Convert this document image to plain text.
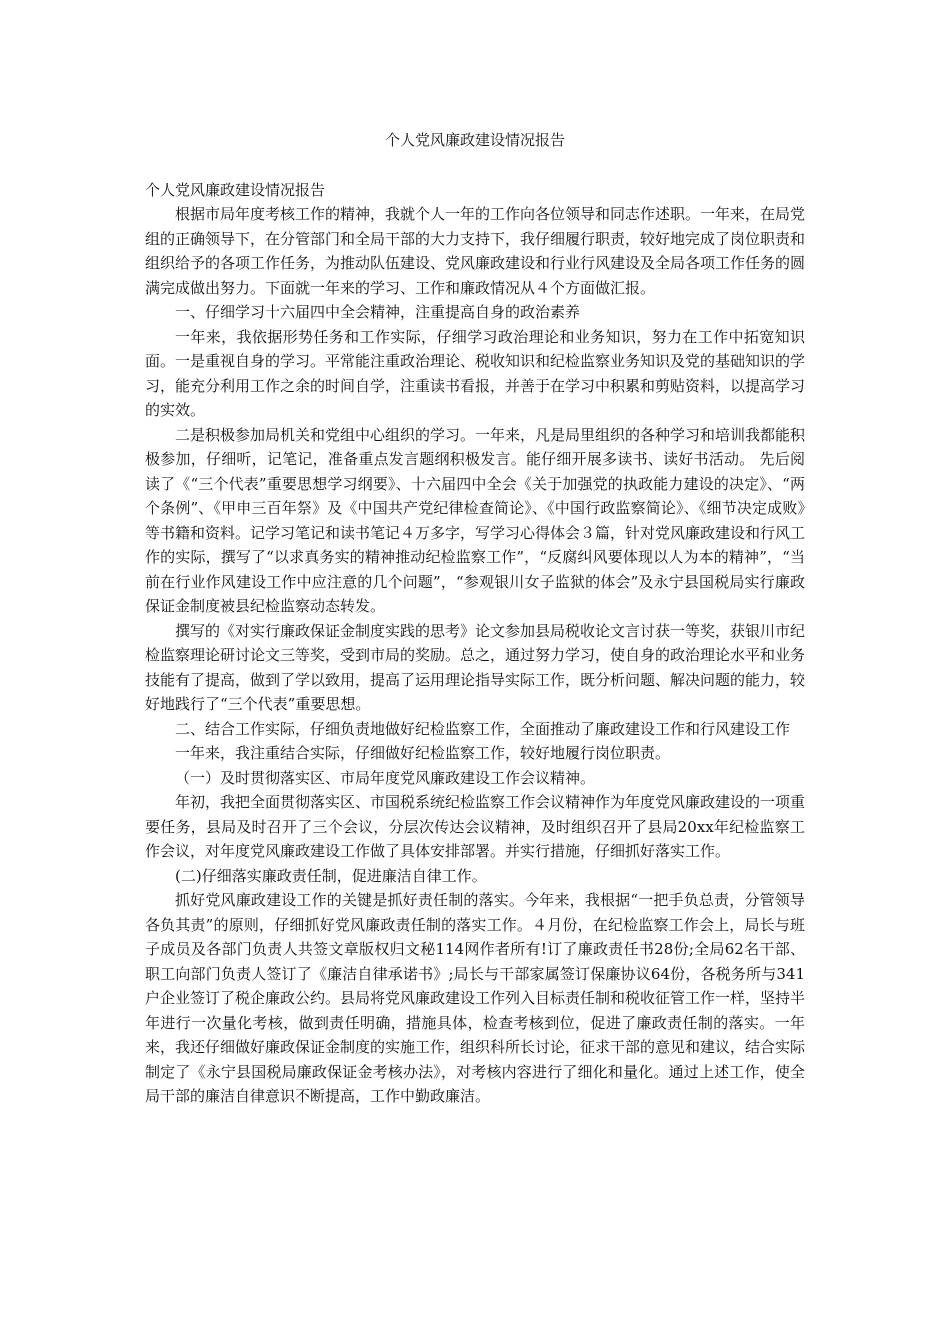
个人党风廉政建设情况报告

个人党风廉政建设情况报告

根据市局年度考核工作的精神，我就个人一年的工作向各位领导和同志作述职。一年来，在局党组的正确领导下，在分管部门和全局干部的大力支持下，我仔细履行职责，较好地完成了岗位职责和组织给予的各项工作任务，为推动队伍建设、党风廉政建设和行业行风建设及全局各项工作任务的圆满完成做出努力。下面就一年来的学习、工作和廉政情况从４个方面做汇报。

一、仔细学习十六届四中全会精神，注重提高自身的政治素养

一年来，我依据形势任务和工作实际，仔细学习政治理论和业务知识，努力在工作中拓宽知识面。一是重视自身的学习。平常能注重政治理论、税收知识和纪检监察业务知识及党的基础知识的学习，能充分利用工作之余的时间自学，注重读书看报，并善于在学习中积累和剪贴资料，以提高学习的实效。

二是积极参加局机关和党组中心组织的学习。一年来，凡是局里组织的各种学习和培训我都能积极参加，仔细听，记笔记，准备重点发言题纲积极发言。能仔细开展多读书、读好书活动。 先后阅读了《“三个代表”重要思想学习纲要》、十六届四中全会《关于加强党的执政能力建设的决定》、“两个条例”、《甲申三百年祭》及《中国共产党纪律检查简论》、《中国行政监察简论》、《细节决定成败》等书籍和资料。记学习笔记和读书笔记４万多字，写学习心得体会３篇，针对党风廉政建设和行风工作的实际，撰写了“以求真务实的精神推动纪检监察工作”，“反腐纠风要体现以人为本的精神”，“当前在行业作风建设工作中应注意的几个问题”，“参观银川女子监狱的体会”及永宁县国税局实行廉政保证金制度被县纪检监察动态转发。

撰写的《对实行廉政保证金制度实践的思考》论文参加县局税收论文言讨获一等奖，获银川市纪检监察理论研讨论文三等奖，受到市局的奖励。总之，通过努力学习，使自身的政治理论水平和业务技能有了提高，做到了学以致用，提高了运用理论指导实际工作，既分析问题、解决问题的能力，较好地践行了“三个代表”重要思想。

二、结合工作实际，仔细负责地做好纪检监察工作，全面推动了廉政建设工作和行风建设工作

一年来，我注重结合实际，仔细做好纪检监察工作，较好地履行岗位职责。

（一）及时贯彻落实区、市局年度党风廉政建设工作会议精神。

年初，我把全面贯彻落实区、市国税系统纪检监察工作会议精神作为年度党风廉政建设的一项重要任务，县局及时召开了三个会议，分层次传达会议精神，及时组织召开了县局20xx年纪检监察工作会议，对年度党风廉政建设工作做了具体安排部署。并实行措施，仔细抓好落实工作。

(二)仔细落实廉政责任制，促进廉洁自律工作。

抓好党风廉政建设工作的关键是抓好责任制的落实。今年来，我根据“一把手负总责，分管领导各负其责”的原则，仔细抓好党风廉政责任制的落实工作。４月份，在纪检监察工作会上，局长与班子成员及各部门负责人共签文章版权归文秘114网作者所有!订了廉政责任书28份;全局62名干部、职工向部门负责人签订了《廉洁自律承诺书》;局长与干部家属签订保廉协议64份，各税务所与341户企业签订了税企廉政公约。县局将党风廉政建设工作列入目标责任制和税收征管工作一样，坚持半年进行一次量化考核，做到责任明确，措施具体，检查考核到位，促进了廉政责任制的落实。一年来，我还仔细做好廉政保证金制度的实施工作，组织科所长讨论，征求干部的意见和建议，结合实际制定了《永宁县国税局廉政保证金考核办法》，对考核内容进行了细化和量化。通过上述工作，使全局干部的廉洁自律意识不断提高，工作中勤政廉洁。
